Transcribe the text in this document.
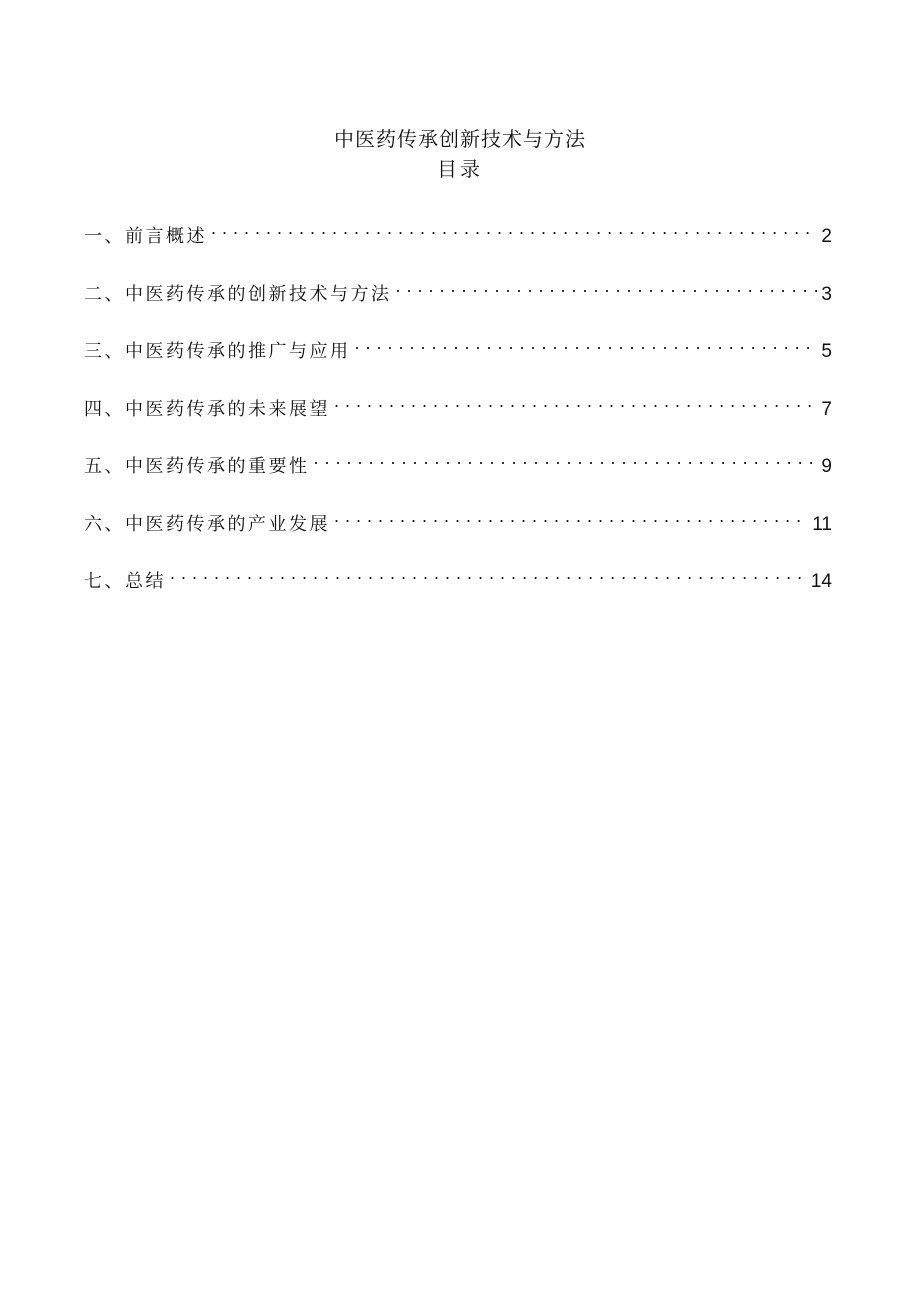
中医药传承创新技术与方法
目录
一、前言概述 . . .	2
二、中医药传承的创新技术与方法 . . .	3
三、中医药传承的推广与应用 . . .	5
四、中医药传承的未来展望 . . .	7
五、中医药传承的重要性 . . .	9
六、中医药传承的产业发展 . . .	11
七、总结 . . .	14
